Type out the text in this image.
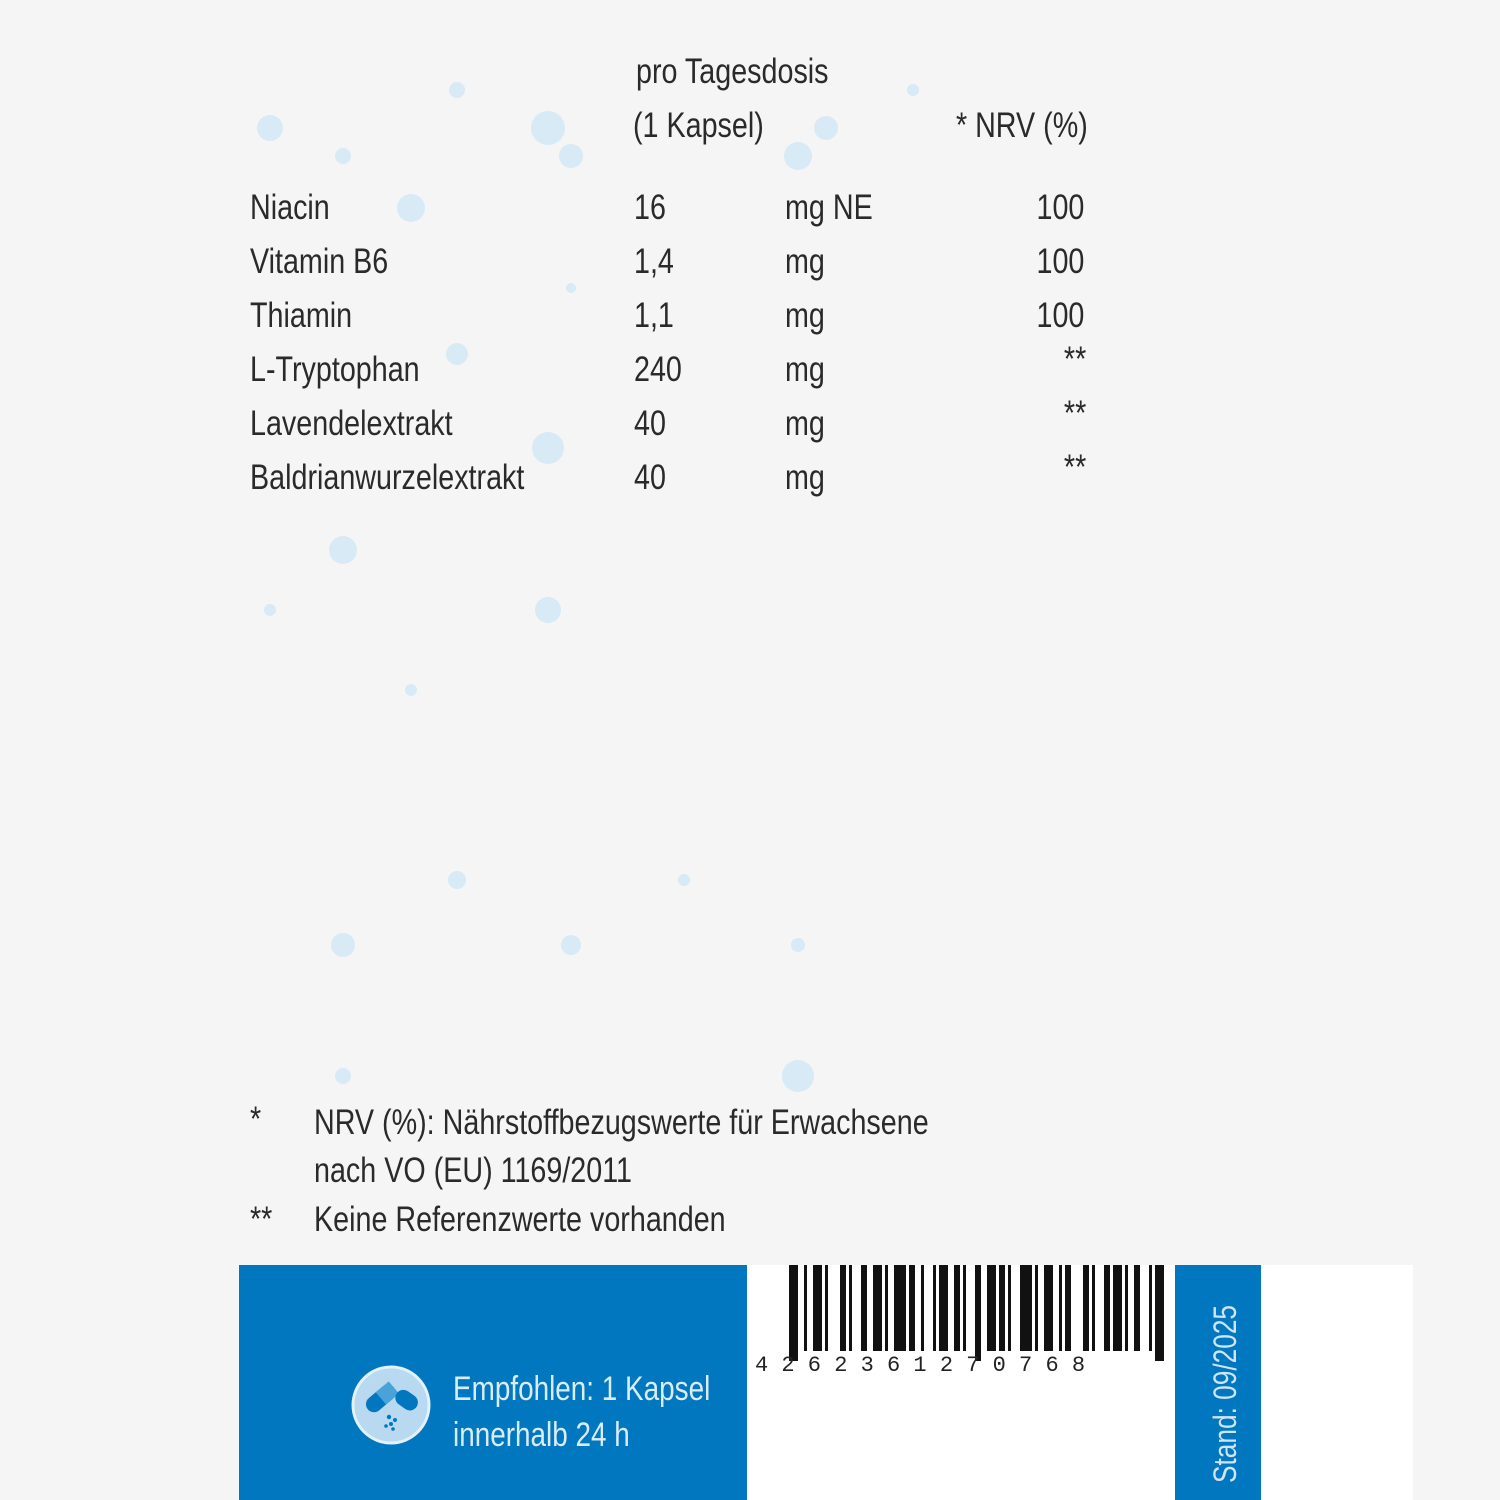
pro Tagesdosis
(1 Kapsel)	* NRV (%)
Niacin	16	mg NE	100
Vitamin B6	1,4	mg	100
Thiamin	1,1	mg	100
L-Tryptophan	240	mg	**
Lavendelextrakt	40	mg	**
Baldrianwurzelextrakt	40	mg	**
* NRV (%): Nährstoffbezugswerte für Erwachsene
nach VO (EU) 1169/2011
** Keine Referenzwerte vorhanden
Empfohlen: 1 Kapsel
innerhalb 24 h
4 2 6 2 3 6 1 2 7 0 7 6 8	Stand: 09/2025
